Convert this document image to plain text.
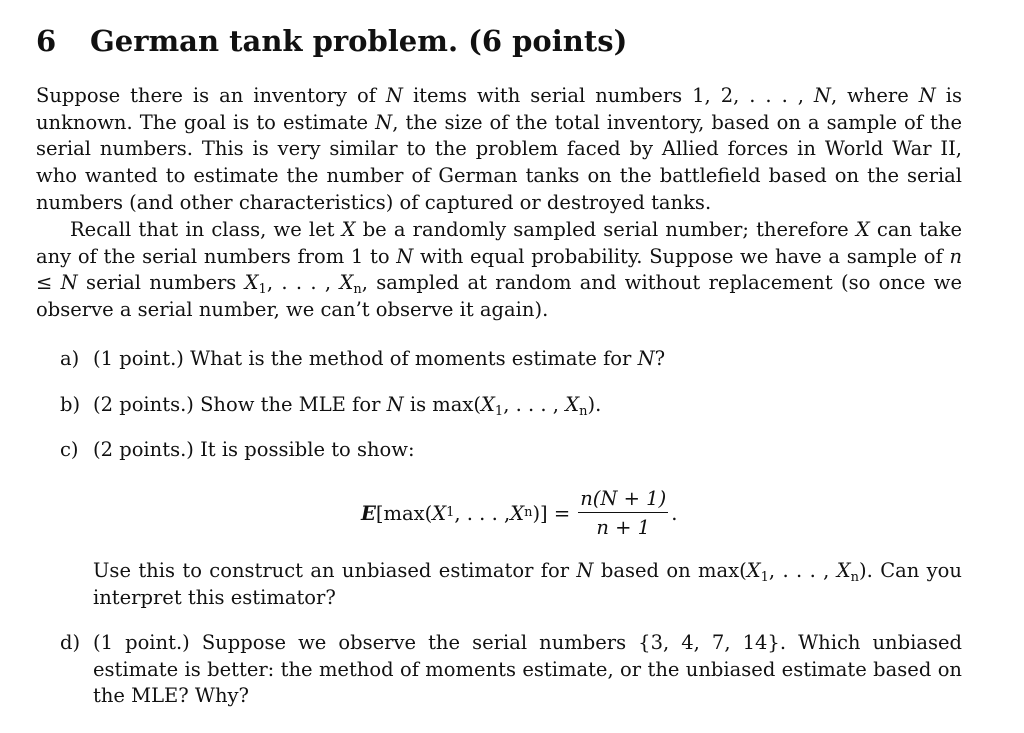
6 German tank problem. (6 points)

Suppose there is an inventory of N items with serial numbers 1, 2, . . . , N, where N is unknown. The goal is to estimate N, the size of the total inventory, based on a sample of the serial numbers. This is very similar to the problem faced by Allied forces in World War II, who wanted to estimate the number of German tanks on the battlefield based on the serial numbers (and other characteristics) of captured or destroyed tanks.

Recall that in class, we let X be a randomly sampled serial number; therefore X can take any of the serial numbers from 1 to N with equal probability. Suppose we have a sample of n ≤ N serial numbers $X_1$, . . . , $X_n$, sampled at random and without replacement (so once we observe a serial number, we can’t observe it again).

a) (1 point.) What is the method of moments estimate for N?
b) (2 points.) Show the MLE for N is $\max(X_1$, . . . , $X_n$).
c) (2 points.) It is possible to show:
E [max( X 1 , . . . , X n )] = $\frac{n(N + 1)}{n + 1}$ .

Use this to construct an unbiased estimator for N based on $\max(X_1$, . . . , $X_n$). Can you interpret this estimator?

d) (1 point.) Suppose we observe the serial numbers {3, 4, 7, 14}. Which unbiased estimate is better: the method of moments estimate, or the unbiased estimate based on the MLE? Why?
